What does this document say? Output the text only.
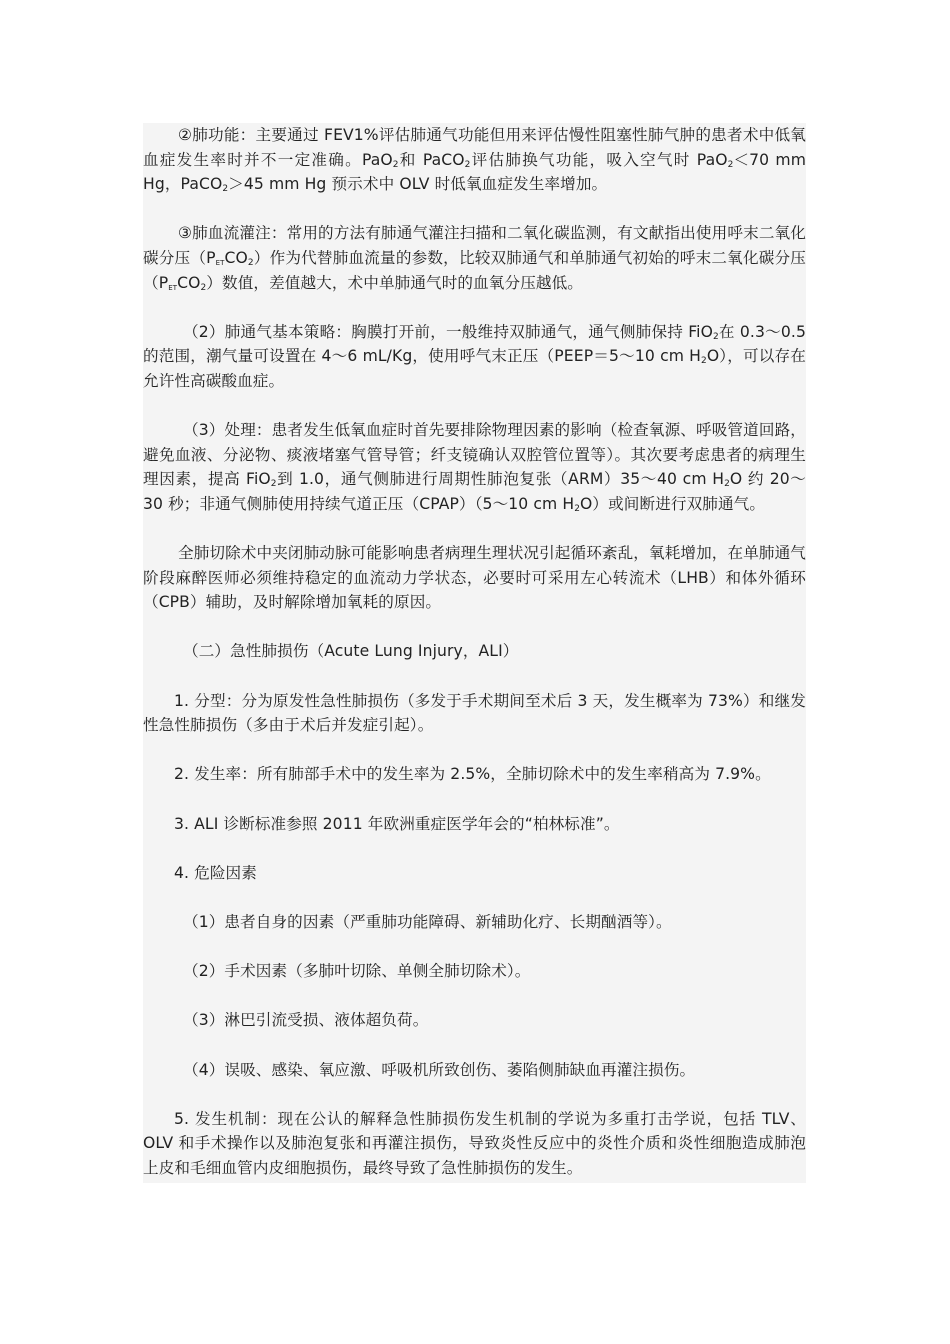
②肺功能：主要通过 FEV1%评估肺通气功能但用来评估慢性阻塞性肺气肿的患者术中低氧血症发生率时并不一定准确。PaO2和 PaCO2评估肺换气功能，吸入空气时 PaO2＜70 mm Hg，PaCO2＞45 mm Hg 预示术中 OLV 时低氧血症发生率增加。

③肺血流灌注：常用的方法有肺通气灌注扫描和二氧化碳监测，有文献指出使用呼末二氧化碳分压（PETCO2）作为代替肺血流量的参数，比较双肺通气和单肺通气初始的呼末二氧化碳分压（PETCO2）数值，差值越大，术中单肺通气时的血氧分压越低。

（2）肺通气基本策略：胸膜打开前，一般维持双肺通气，通气侧肺保持 FiO2在 0.3～0.5 的范围，潮气量可设置在 4～6 mL/Kg，使用呼气末正压（PEEP＝5～10 cm H2O），可以存在允许性高碳酸血症。

（3）处理：患者发生低氧血症时首先要排除物理因素的影响（检查氧源、呼吸管道回路，避免血液、分泌物、痰液堵塞气管导管；纤支镜确认双腔管位置等）。其次要考虑患者的病理生理因素，提高 FiO2到 1.0，通气侧肺进行周期性肺泡复张（ARM）35～40 cm H2O 约 20～30 秒；非通气侧肺使用持续气道正压（CPAP）（5～10 cm H2O）或间断进行双肺通气。

全肺切除术中夹闭肺动脉可能影响患者病理生理状况引起循环紊乱，氧耗增加，在单肺通气阶段麻醉医师必须维持稳定的血流动力学状态，必要时可采用左心转流术（LHB）和体外循环（CPB）辅助，及时解除增加氧耗的原因。

（二）急性肺损伤（Acute Lung Injury，ALI）

1. 分型：分为原发性急性肺损伤（多发于手术期间至术后 3 天，发生概率为 73%）和继发性急性肺损伤（多由于术后并发症引起）。

2. 发生率：所有肺部手术中的发生率为 2.5%，全肺切除术中的发生率稍高为 7.9%。

3. ALI 诊断标准参照 2011 年欧洲重症医学年会的“柏林标准”。

4. 危险因素

（1）患者自身的因素（严重肺功能障碍、新辅助化疗、长期酗酒等）。

（2）手术因素（多肺叶切除、单侧全肺切除术）。

（3）淋巴引流受损、液体超负荷。

（4）误吸、感染、氧应激、呼吸机所致创伤、萎陷侧肺缺血再灌注损伤。

5. 发生机制：现在公认的解释急性肺损伤发生机制的学说为多重打击学说，包括 TLV、OLV 和手术操作以及肺泡复张和再灌注损伤，导致炎性反应中的炎性介质和炎性细胞造成肺泡上皮和毛细血管内皮细胞损伤，最终导致了急性肺损伤的发生。
